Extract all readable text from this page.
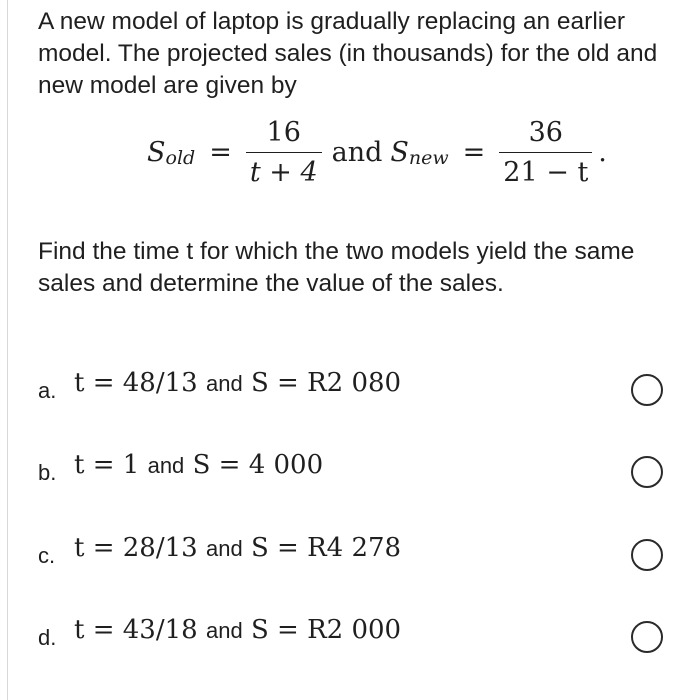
A new model of laptop is gradually replacing an earlier model. The projected sales (in thousands) for the old and new model are given by
S old = $\frac{16}{t + 4}$ and S new = $\frac{36}{21 - t}$ .
Find the time t for which the two models yield the same sales and determine the value of the sales.
a. t = 48/13 and S = R2 080
b. t = 1 and S = 4 000
c. t = 28/13 and S = R4 278
d. t = 43/18 and S = R2 000
